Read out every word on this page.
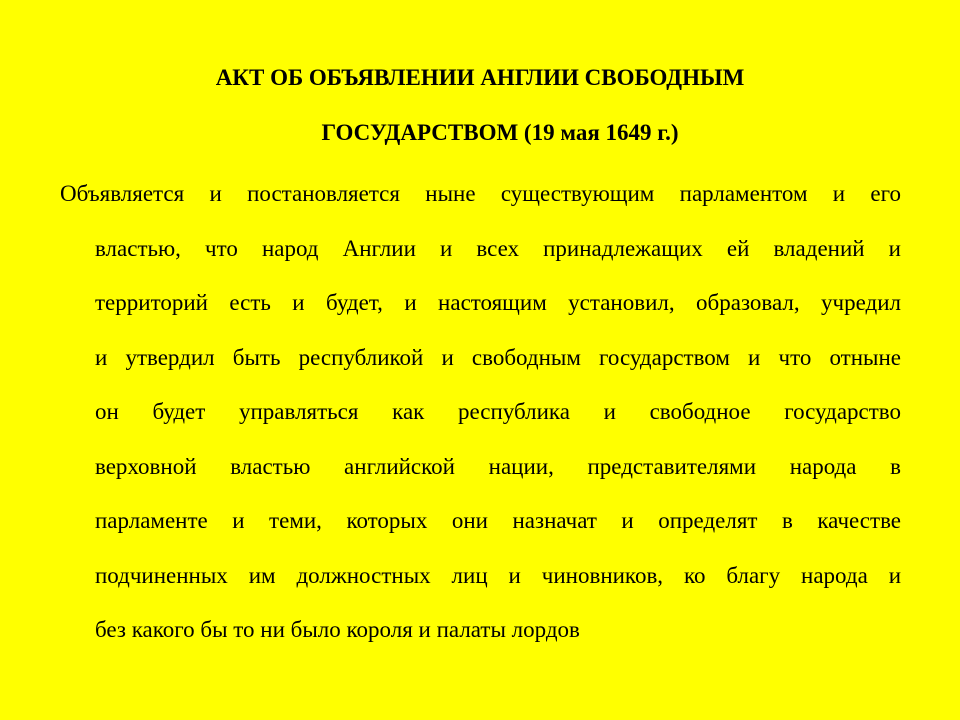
АКТ ОБ ОБЪЯВЛЕНИИ АНГЛИИ СВОБОДНЫМ
ГОСУДАРСТВОМ (19 мая 1649 г.)

Объявляется и постановляется ныне существующим парламентом и его

властью, что народ Англии и всех принадлежащих ей владений и

территорий есть и будет, и настоящим установил, образовал, учредил

и утвердил быть республикой и свободным государством и что отныне

он будет управляться как республика и свободное государство

верховной властью английской нации, представителями народа в

парламенте и теми, которых они назначат и определят в качестве

подчиненных им должностных лиц и чиновников, ко благу народа и

без какого бы то ни было короля и палаты лордов
